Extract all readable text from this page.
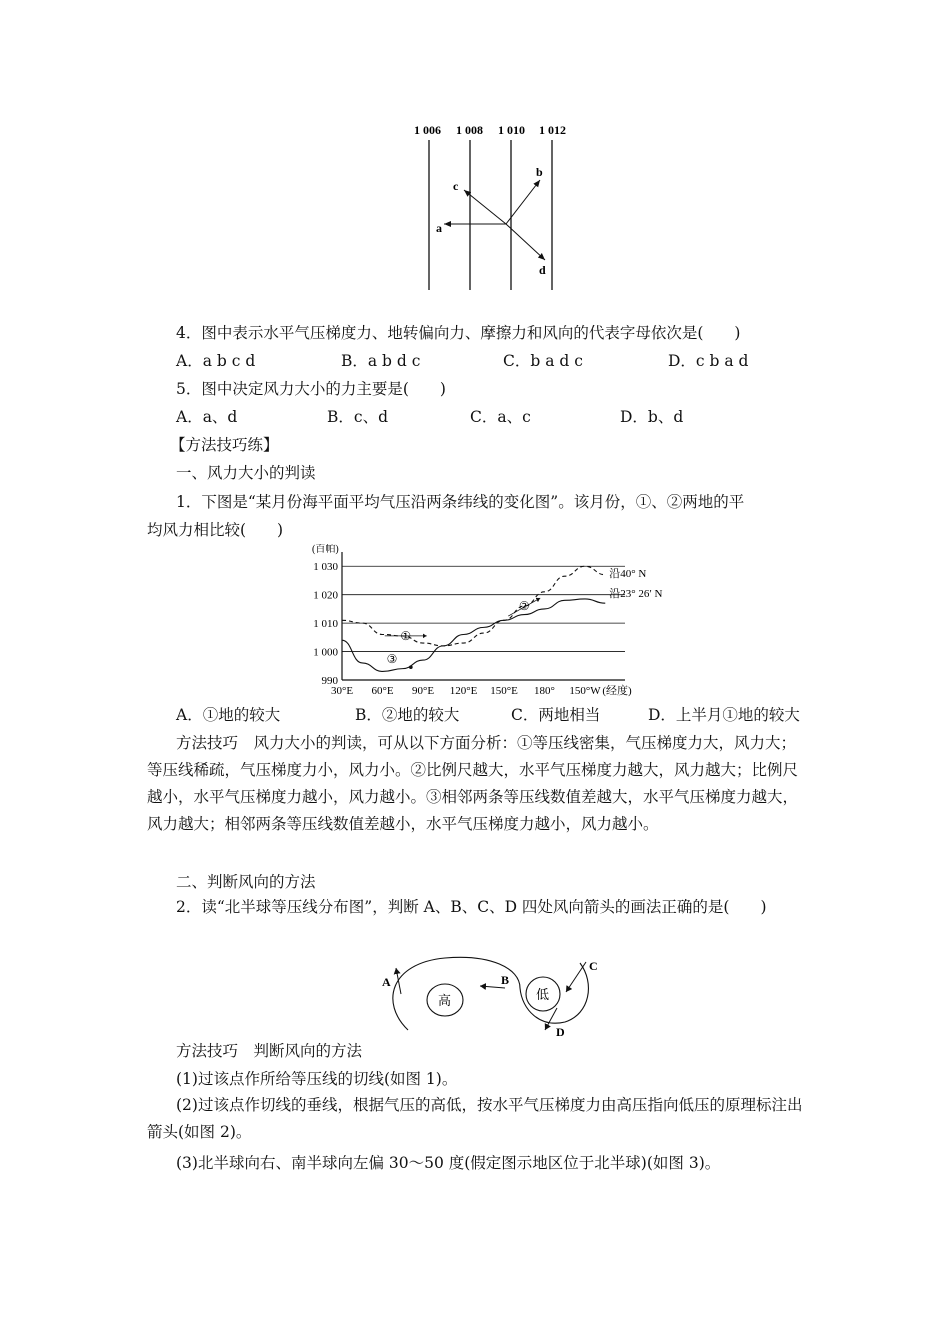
1 006 1 008 1 010 1 012
a
b
c
d
4．图中表示水平气压梯度力、地转偏向力、摩擦力和风向的代表字母依次是(　　)
A．a b c d	B．a b d c	C．b a d c	D．c b a d
5．图中决定风力大小的力主要是(　　)
A．a、d	B．c、d	C．a、c	D．b、d
【方法技巧练】
一、风力大小的判读
1．下图是“某月份海平面平均气压沿两条纬线的变化图”。该月份，①、②两地的平
均风力相比较(　　)
990
1 000
1 010
1 020
1 030
(百帕)
30°E 60°E 90°E 120°E 150°E 180° 150°W (经度)
沿40° N
沿23° 26′ N
①
②
③
A．①地的较大	B．②地的较大	C．两地相当	D．上半月①地的较大
方法技巧　风力大小的判读，可从以下方面分析：①等压线密集，气压梯度力大，风力大；等压线稀疏，气压梯度力小，风力小。②比例尺越大，水平气压梯度力越大，风力越大；比例尺越小，水平气压梯度力越小，风力越小。③相邻两条等压线数值差越大，水平气压梯度力越大，风力越大；相邻两条等压线数值差越小，水平气压梯度力越小，风力越小。
二、判断风向的方法
2．读“北半球等压线分布图”，判断 A、B、C、D 四处风向箭头的画法正确的是(　　)
高	低
A	B
C
D
方法技巧　判断风向的方法
(1)过该点作所给等压线的切线(如图 1)。
(2)过该点作切线的垂线，根据气压的高低，按水平气压梯度力由高压指向低压的原理标注出箭头(如图 2)。
(3)北半球向右、南半球向左偏 30～50 度(假定图示地区位于北半球)(如图 3)。
